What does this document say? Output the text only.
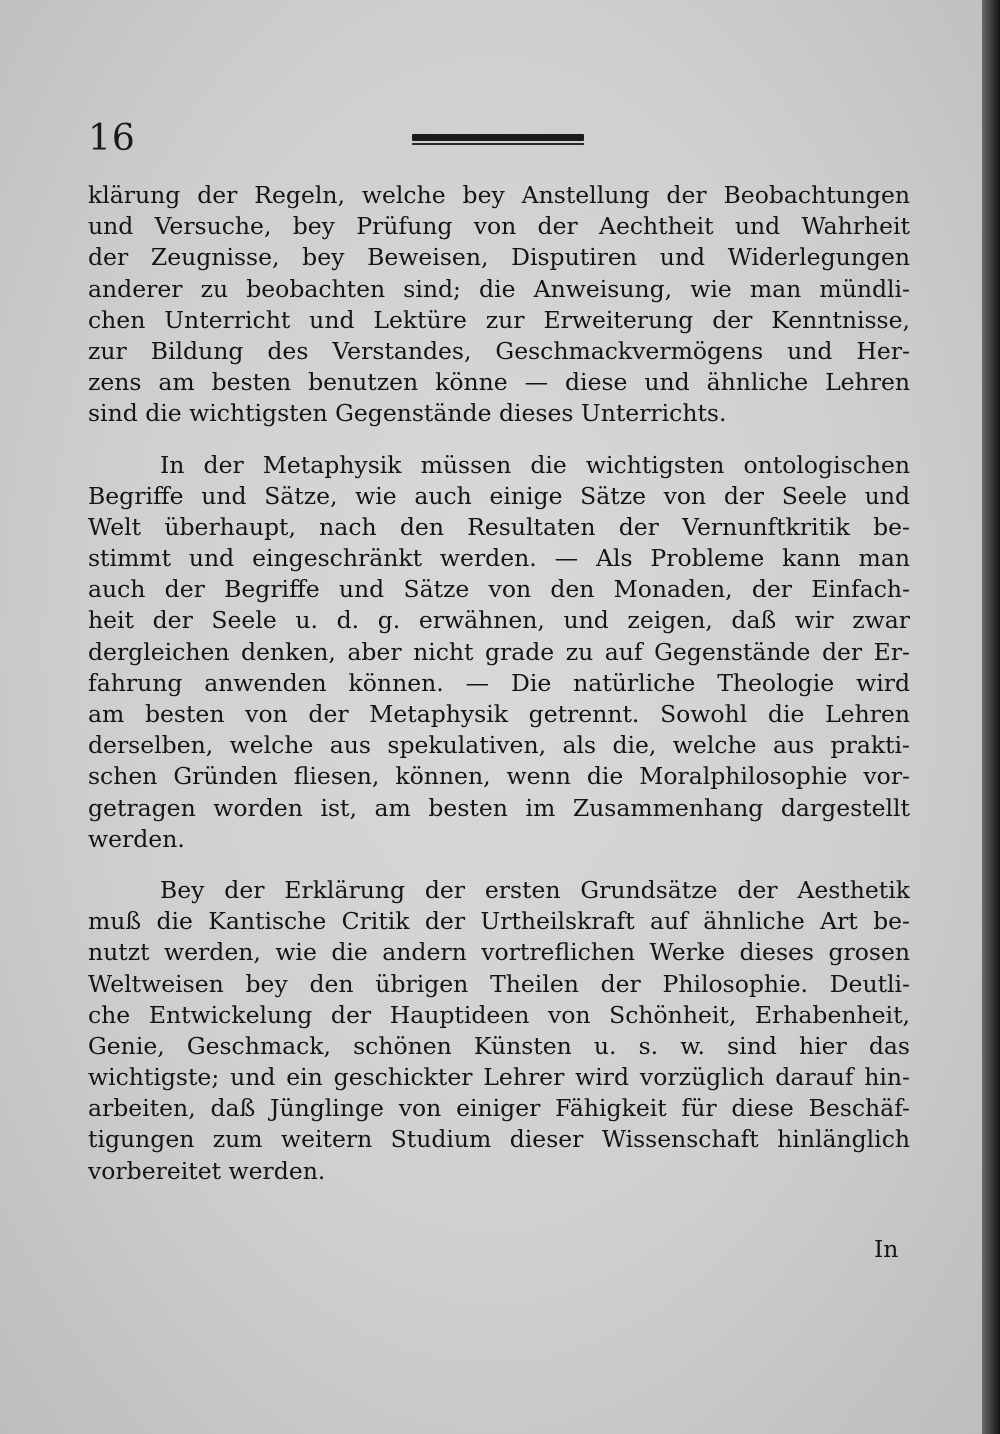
16
klärung der Regeln, welche bey Anstellung der Beobachtungen
und Versuche, bey Prüfung von der Aechtheit und Wahrheit
der Zeugnisse, bey Beweisen, Disputiren und Widerlegungen
anderer zu beobachten sind; die Anweisung, wie man mündli-
chen Unterricht und Lektüre zur Erweiterung der Kenntnisse,
zur Bildung des Verstandes, Geschmackvermögens und Her-
zens am besten benutzen könne — diese und ähnliche Lehren
sind die wichtigsten Gegenstände dieses Unterrichts.
In der Metaphysik müssen die wichtigsten ontologischen
Begriffe und Sätze, wie auch einige Sätze von der Seele und
Welt überhaupt, nach den Resultaten der Vernunftkritik be-
stimmt und eingeschränkt werden. — Als Probleme kann man
auch der Begriffe und Sätze von den Monaden, der Einfach-
heit der Seele u. d. g. erwähnen, und zeigen, daß wir zwar
dergleichen denken, aber nicht grade zu auf Gegenstände der Er-
fahrung anwenden können. — Die natürliche Theologie wird
am besten von der Metaphysik getrennt. Sowohl die Lehren
derselben, welche aus spekulativen, als die, welche aus prakti-
schen Gründen fliesen, können, wenn die Moralphilosophie vor-
getragen worden ist, am besten im Zusammenhang dargestellt
werden.
Bey der Erklärung der ersten Grundsätze der Aesthetik
muß die Kantische Critik der Urtheilskraft auf ähnliche Art be-
nutzt werden, wie die andern vortreflichen Werke dieses grosen
Weltweisen bey den übrigen Theilen der Philosophie. Deutli-
che Entwickelung der Hauptideen von Schönheit, Erhabenheit,
Genie, Geschmack, schönen Künsten u. s. w. sind hier das
wichtigste; und ein geschickter Lehrer wird vorzüglich darauf hin-
arbeiten, daß Jünglinge von einiger Fähigkeit für diese Beschäf-
tigungen zum weitern Studium dieser Wissenschaft hinlänglich
vorbereitet werden.
In
